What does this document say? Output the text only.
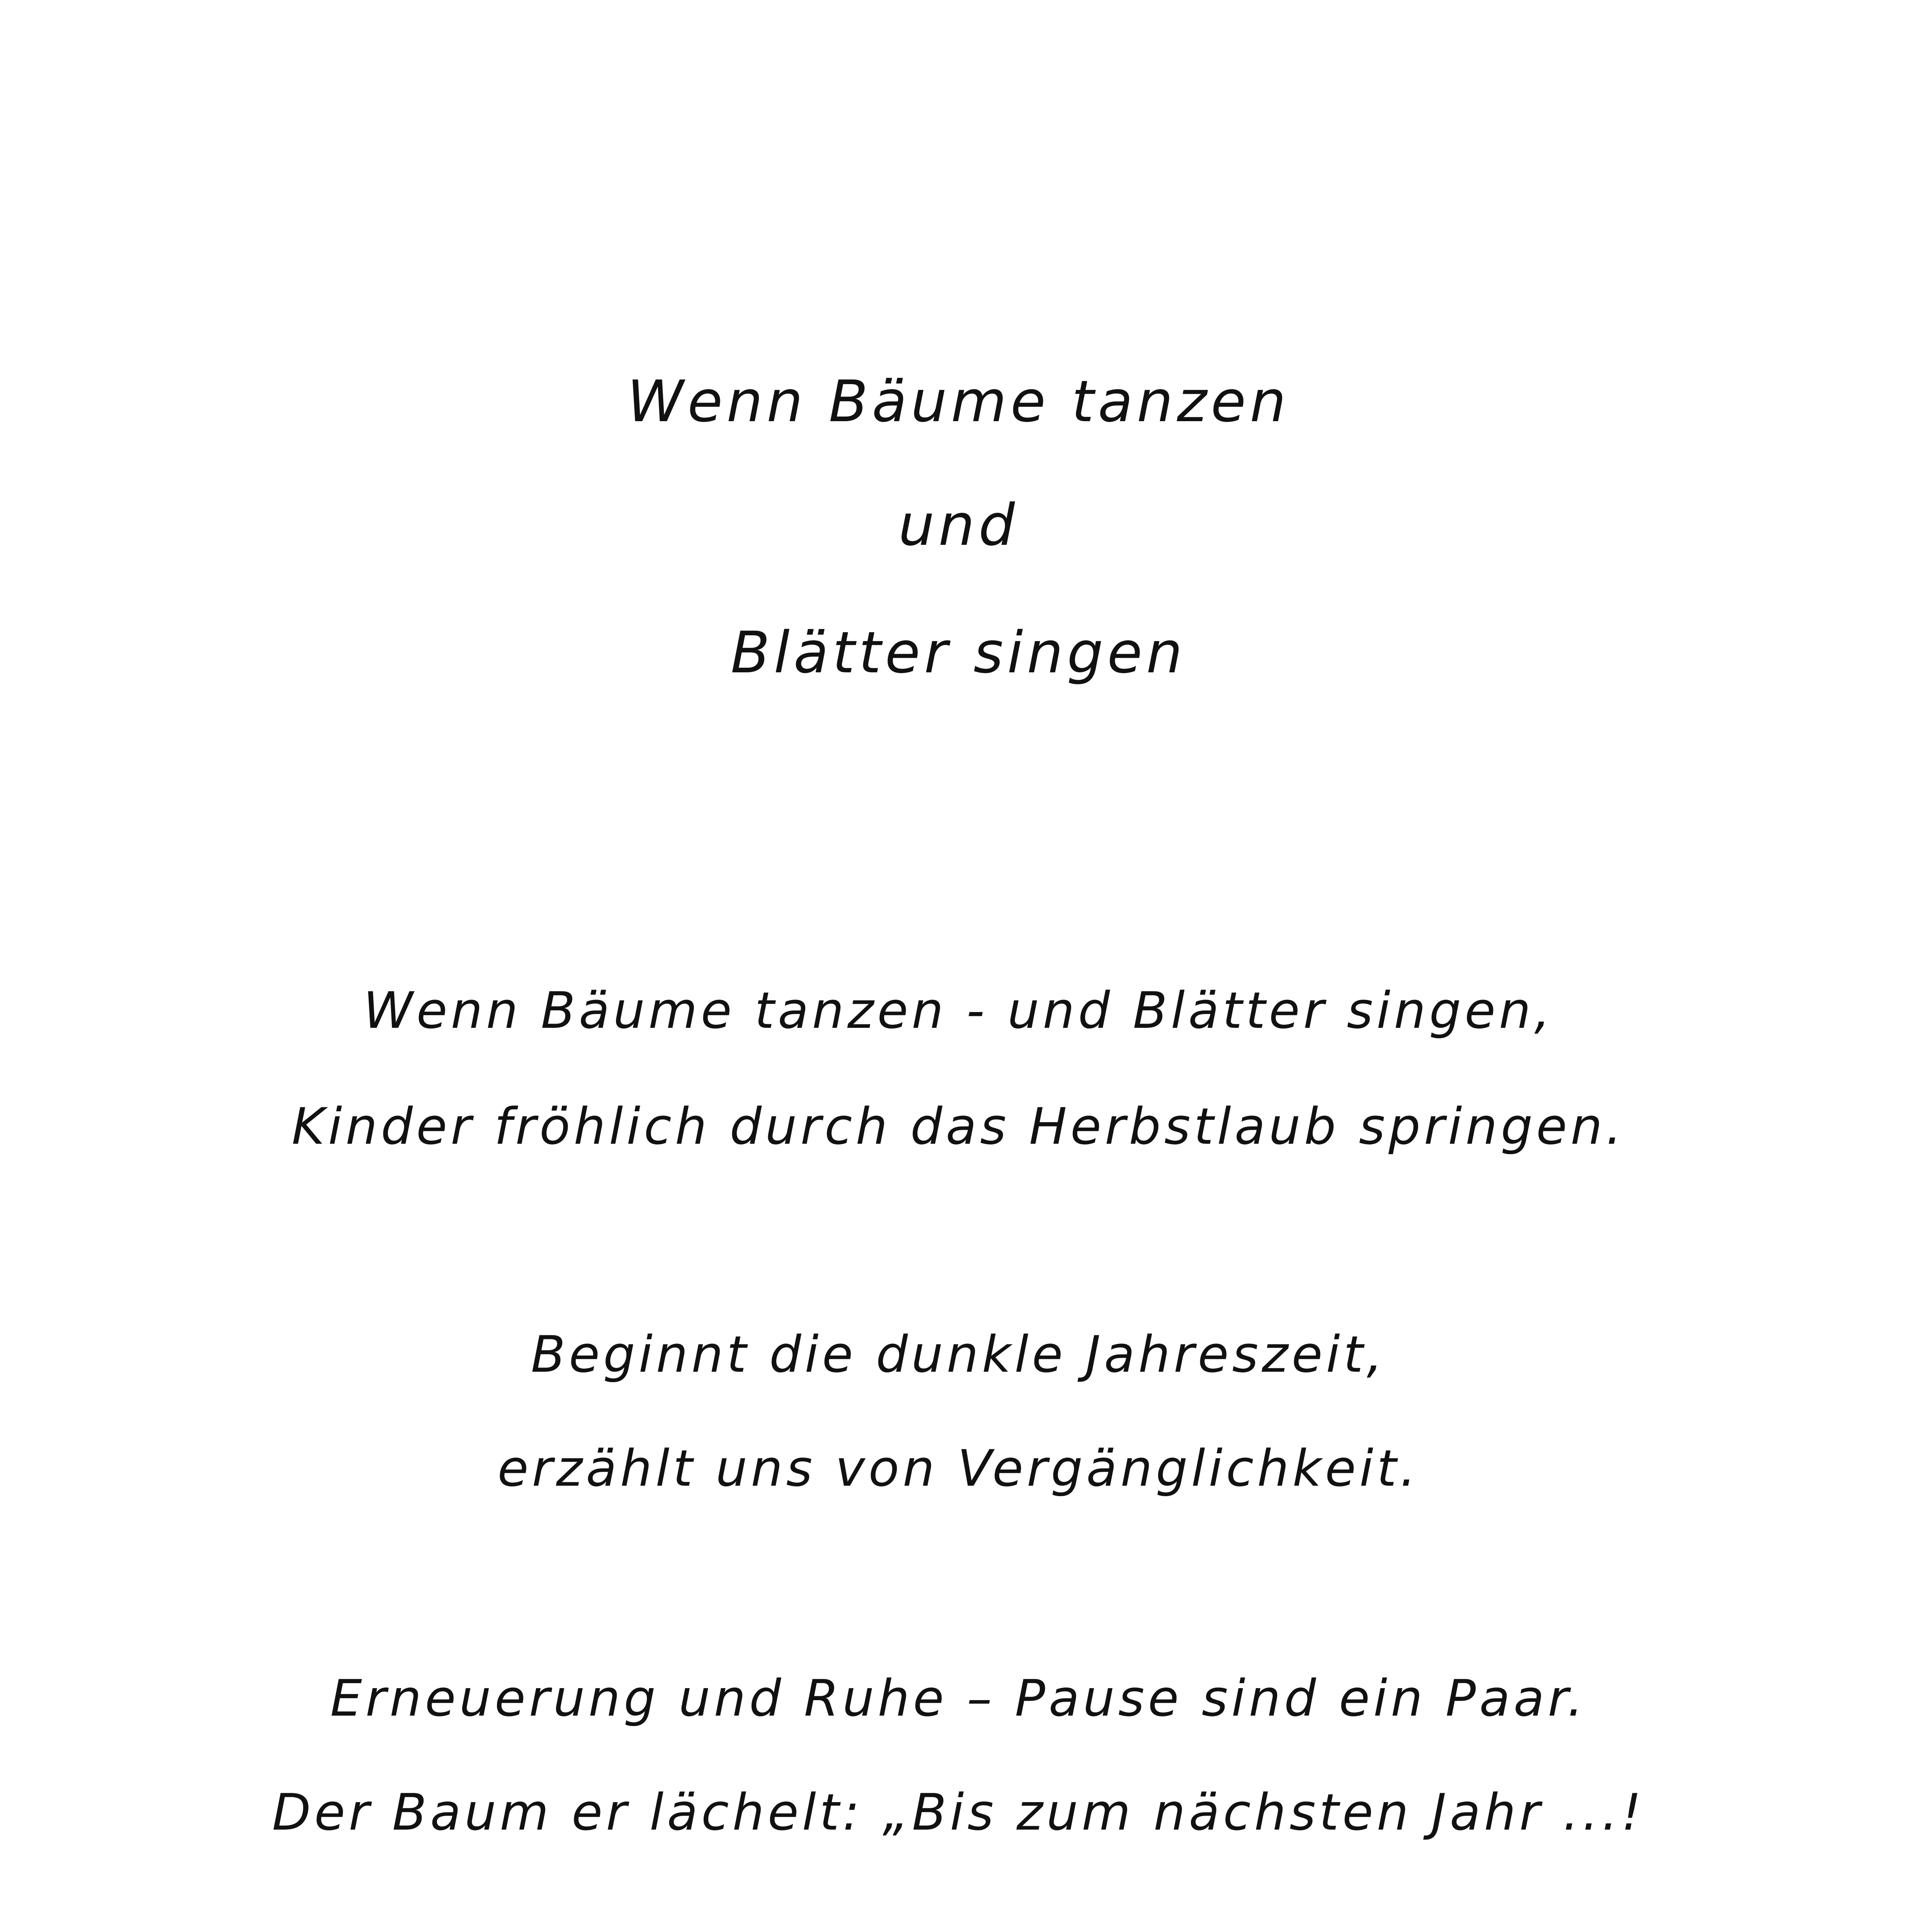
Wenn Bäume tanzen
und
Blätter singen
Wenn Bäume tanzen - und Blätter singen,
Kinder fröhlich durch das Herbstlaub springen.
Beginnt die dunkle Jahreszeit,
erzählt uns von Vergänglichkeit.
Erneuerung und Ruhe – Pause sind ein Paar.
Der Baum er lächelt: „Bis zum nächsten Jahr ...!
